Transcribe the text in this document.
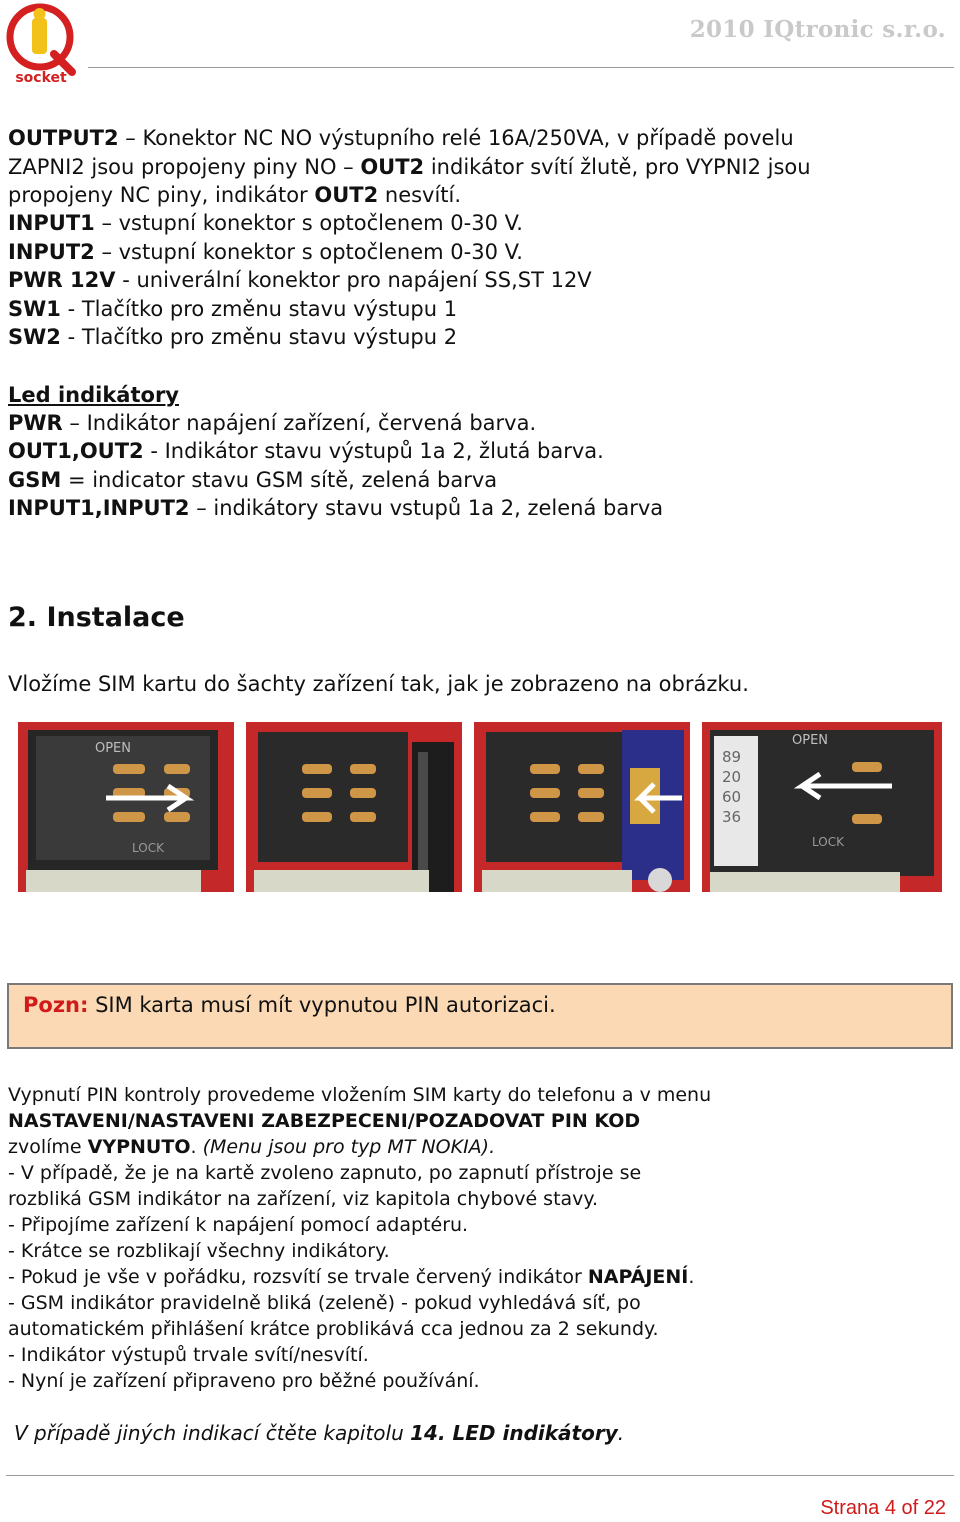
socket
2010 IQtronic s.r.o.
OUTPUT2 – Konektor NC NO výstupního relé 16A/250VA, v případě povelu
ZAPNI2 jsou propojeny piny NO – OUT2 indikátor svítí žlutě, pro VYPNI2 jsou
propojeny NC piny, indikátor OUT2 nesvítí.
INPUT1 – vstupní konektor s optočlenem 0-30 V.
INPUT2 – vstupní konektor s optočlenem 0-30 V.
PWR 12V - univerální konektor pro napájení SS,ST 12V
SW1 - Tlačítko pro změnu stavu výstupu 1
SW2 - Tlačítko pro změnu stavu výstupu 2
Led indikátory
PWR – Indikátor napájení zařízení, červená barva.
OUT1,OUT2 - Indikátor stavu výstupů 1a 2, žlutá barva.
GSM = indicator stavu GSM sítě, zelená barva
INPUT1,INPUT2 – indikátory stavu vstupů 1a 2, zelená barva
2. Instalace
Vložíme SIM kartu do šachty zařízení tak, jak je zobrazeno na obrázku.
OPEN
LOCK
89
20
60
36
OPEN
LOCK
Pozn: SIM karta musí mít vypnutou PIN autorizaci.
Vypnutí PIN kontroly provedeme vložením SIM karty do telefonu a v menu
NASTAVENI/NASTAVENI ZABEZPECENI/POZADOVAT PIN KOD
zvolíme VYPNUTO. (Menu jsou pro typ MT NOKIA).
- V případě, že je na kartě zvoleno zapnuto, po zapnutí přístroje se
rozbliká GSM indikátor na zařízení, viz kapitola chybové stavy.
- Připojíme zařízení k napájení pomocí adaptéru.
- Krátce se rozblikají všechny indikátory.
- Pokud je vše v pořádku, rozsvítí se trvale červený indikátor NAPÁJENÍ.
- GSM indikátor pravidelně bliká (zeleně) - pokud vyhledává síť, po
automatickém přihlášení krátce problikává cca jednou za 2 sekundy.
- Indikátor výstupů trvale svítí/nesvítí.
- Nyní je zařízení připraveno pro běžné používání.
V případě jiných indikací čtěte kapitolu 14. LED indikátory.
Strana 4 of 22
